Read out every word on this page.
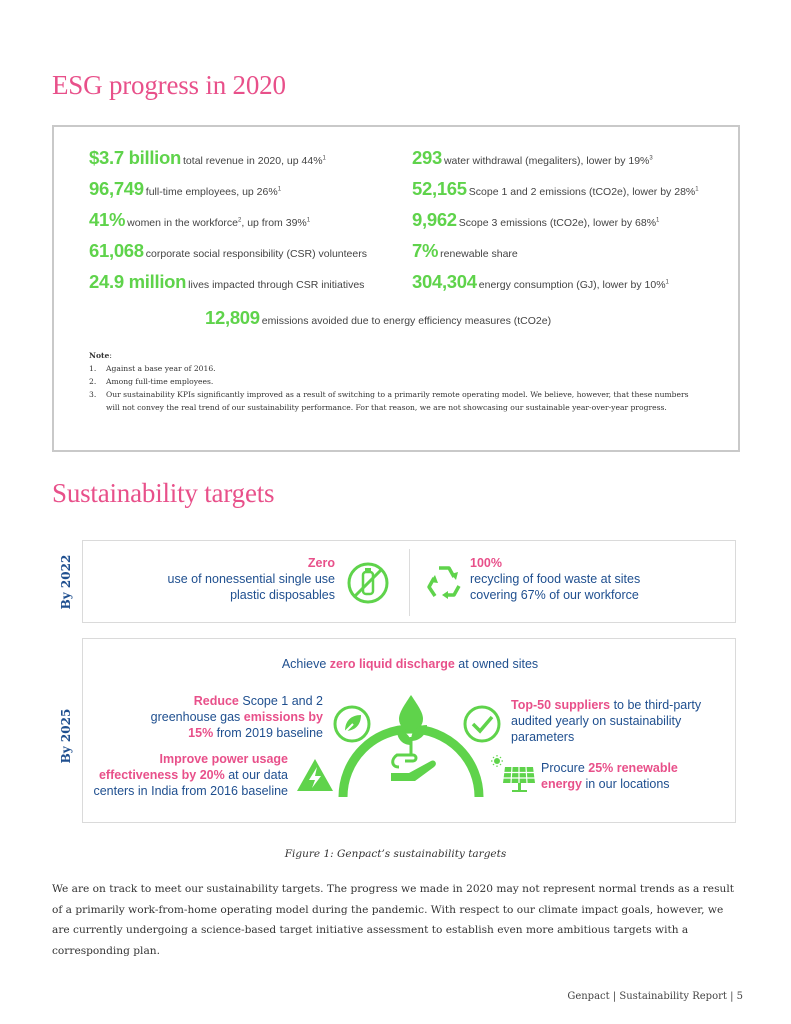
ESG progress in 2020
$3.7 billion total revenue in 2020, up 44%$^1$
96,749 full-time employees, up 26%$^1$
41% women in the workforce$^2$, up from 39%$^1$
61,068 corporate social responsibility (CSR) volunteers
24.9 million lives impacted through CSR initiatives
293 water withdrawal (megaliters), lower by 19%$^3$
52,165 Scope 1 and 2 emissions (tCO2e), lower by 28%$^1$
9,962 Scope 3 emissions (tCO2e), lower by 68%$^1$
7% renewable share
304,304 energy consumption (GJ), lower by 10%$^1$
12,809 emissions avoided due to energy efficiency measures (tCO2e)
Note:
1. Against a base year of 2016.
2. Among full-time employees.
3. Our sustainability KPIs significantly improved as a result of switching to a primarily remote operating model. We believe, however, that these numbers will not convey the real trend of our sustainability performance. For that reason, we are not showcasing our sustainable year-over-year progress.
Sustainability targets
By 2022	Zero
use of nonessential single use
plastic disposables
100%
recycling of food waste at sites
covering 67% of our workforce
By 2025
Achieve zero liquid discharge at owned sites
Reduce Scope 1 and 2
greenhouse gas emissions by
15% from 2019 baseline
Improve power usage
effectiveness by 20% at our data
centers in India from 2016 baseline
Top-50 suppliers to be third-party
audited yearly on sustainability
parameters
Procure 25% renewable
energy in our locations
Figure 1: Genpact’s sustainability targets

We are on track to meet our sustainability targets. The progress we made in 2020 may not represent normal trends as a result of a primarily work-from-home operating model during the pandemic. With respect to our climate impact goals, however, we are currently undergoing a science-based target initiative assessment to establish even more ambitious targets with a corresponding plan.

Genpact | Sustainability Report | 5
